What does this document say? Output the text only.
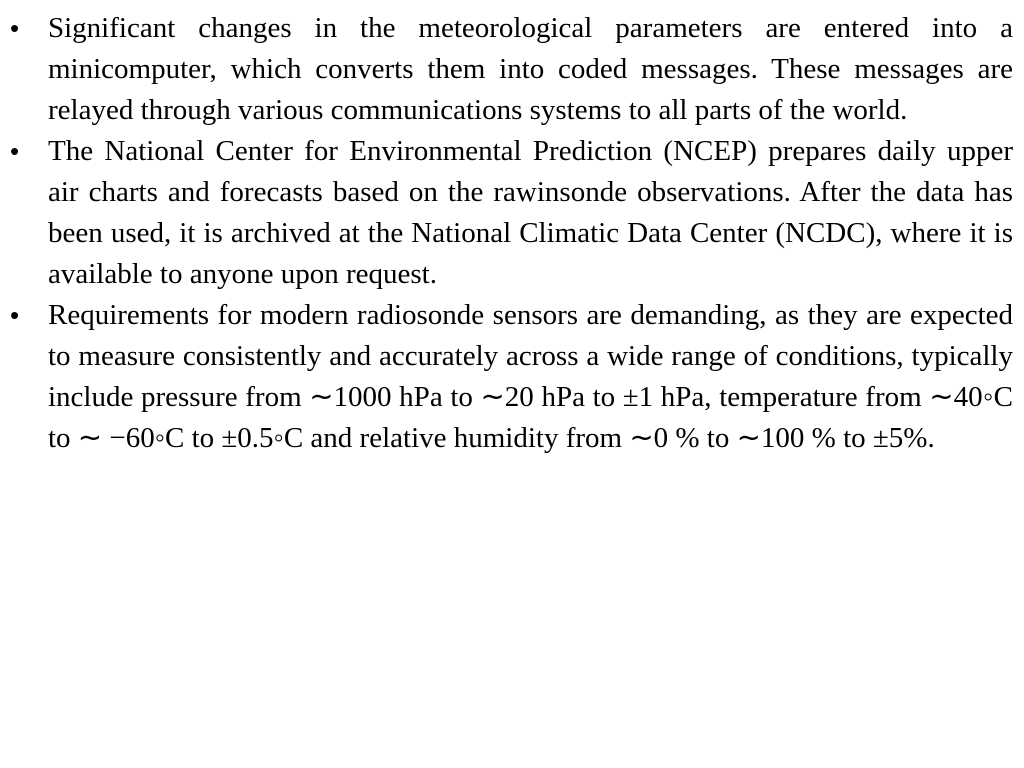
• Significant changes in the meteorological parameters are entered into a minicomputer, which converts them into coded messages. These messages are relayed through various communications systems to all parts of the world.
• The National Center for Environmental Prediction (NCEP) prepares daily upper air charts and forecasts based on the rawinsonde observations. After the data has been used, it is archived at the National Climatic Data Center (NCDC), where it is available to anyone upon request.
• Requirements for modern radiosonde sensors are demanding, as they are expected to measure consistently and accurately across a wide range of conditions, typically include pressure from ∼1000 hPa to ∼20 hPa to ±1 hPa, temperature from ∼40◦C to ∼ −60◦C to ±0.5◦C and relative humidity from ∼0 % to ∼100 % to ±5%.
